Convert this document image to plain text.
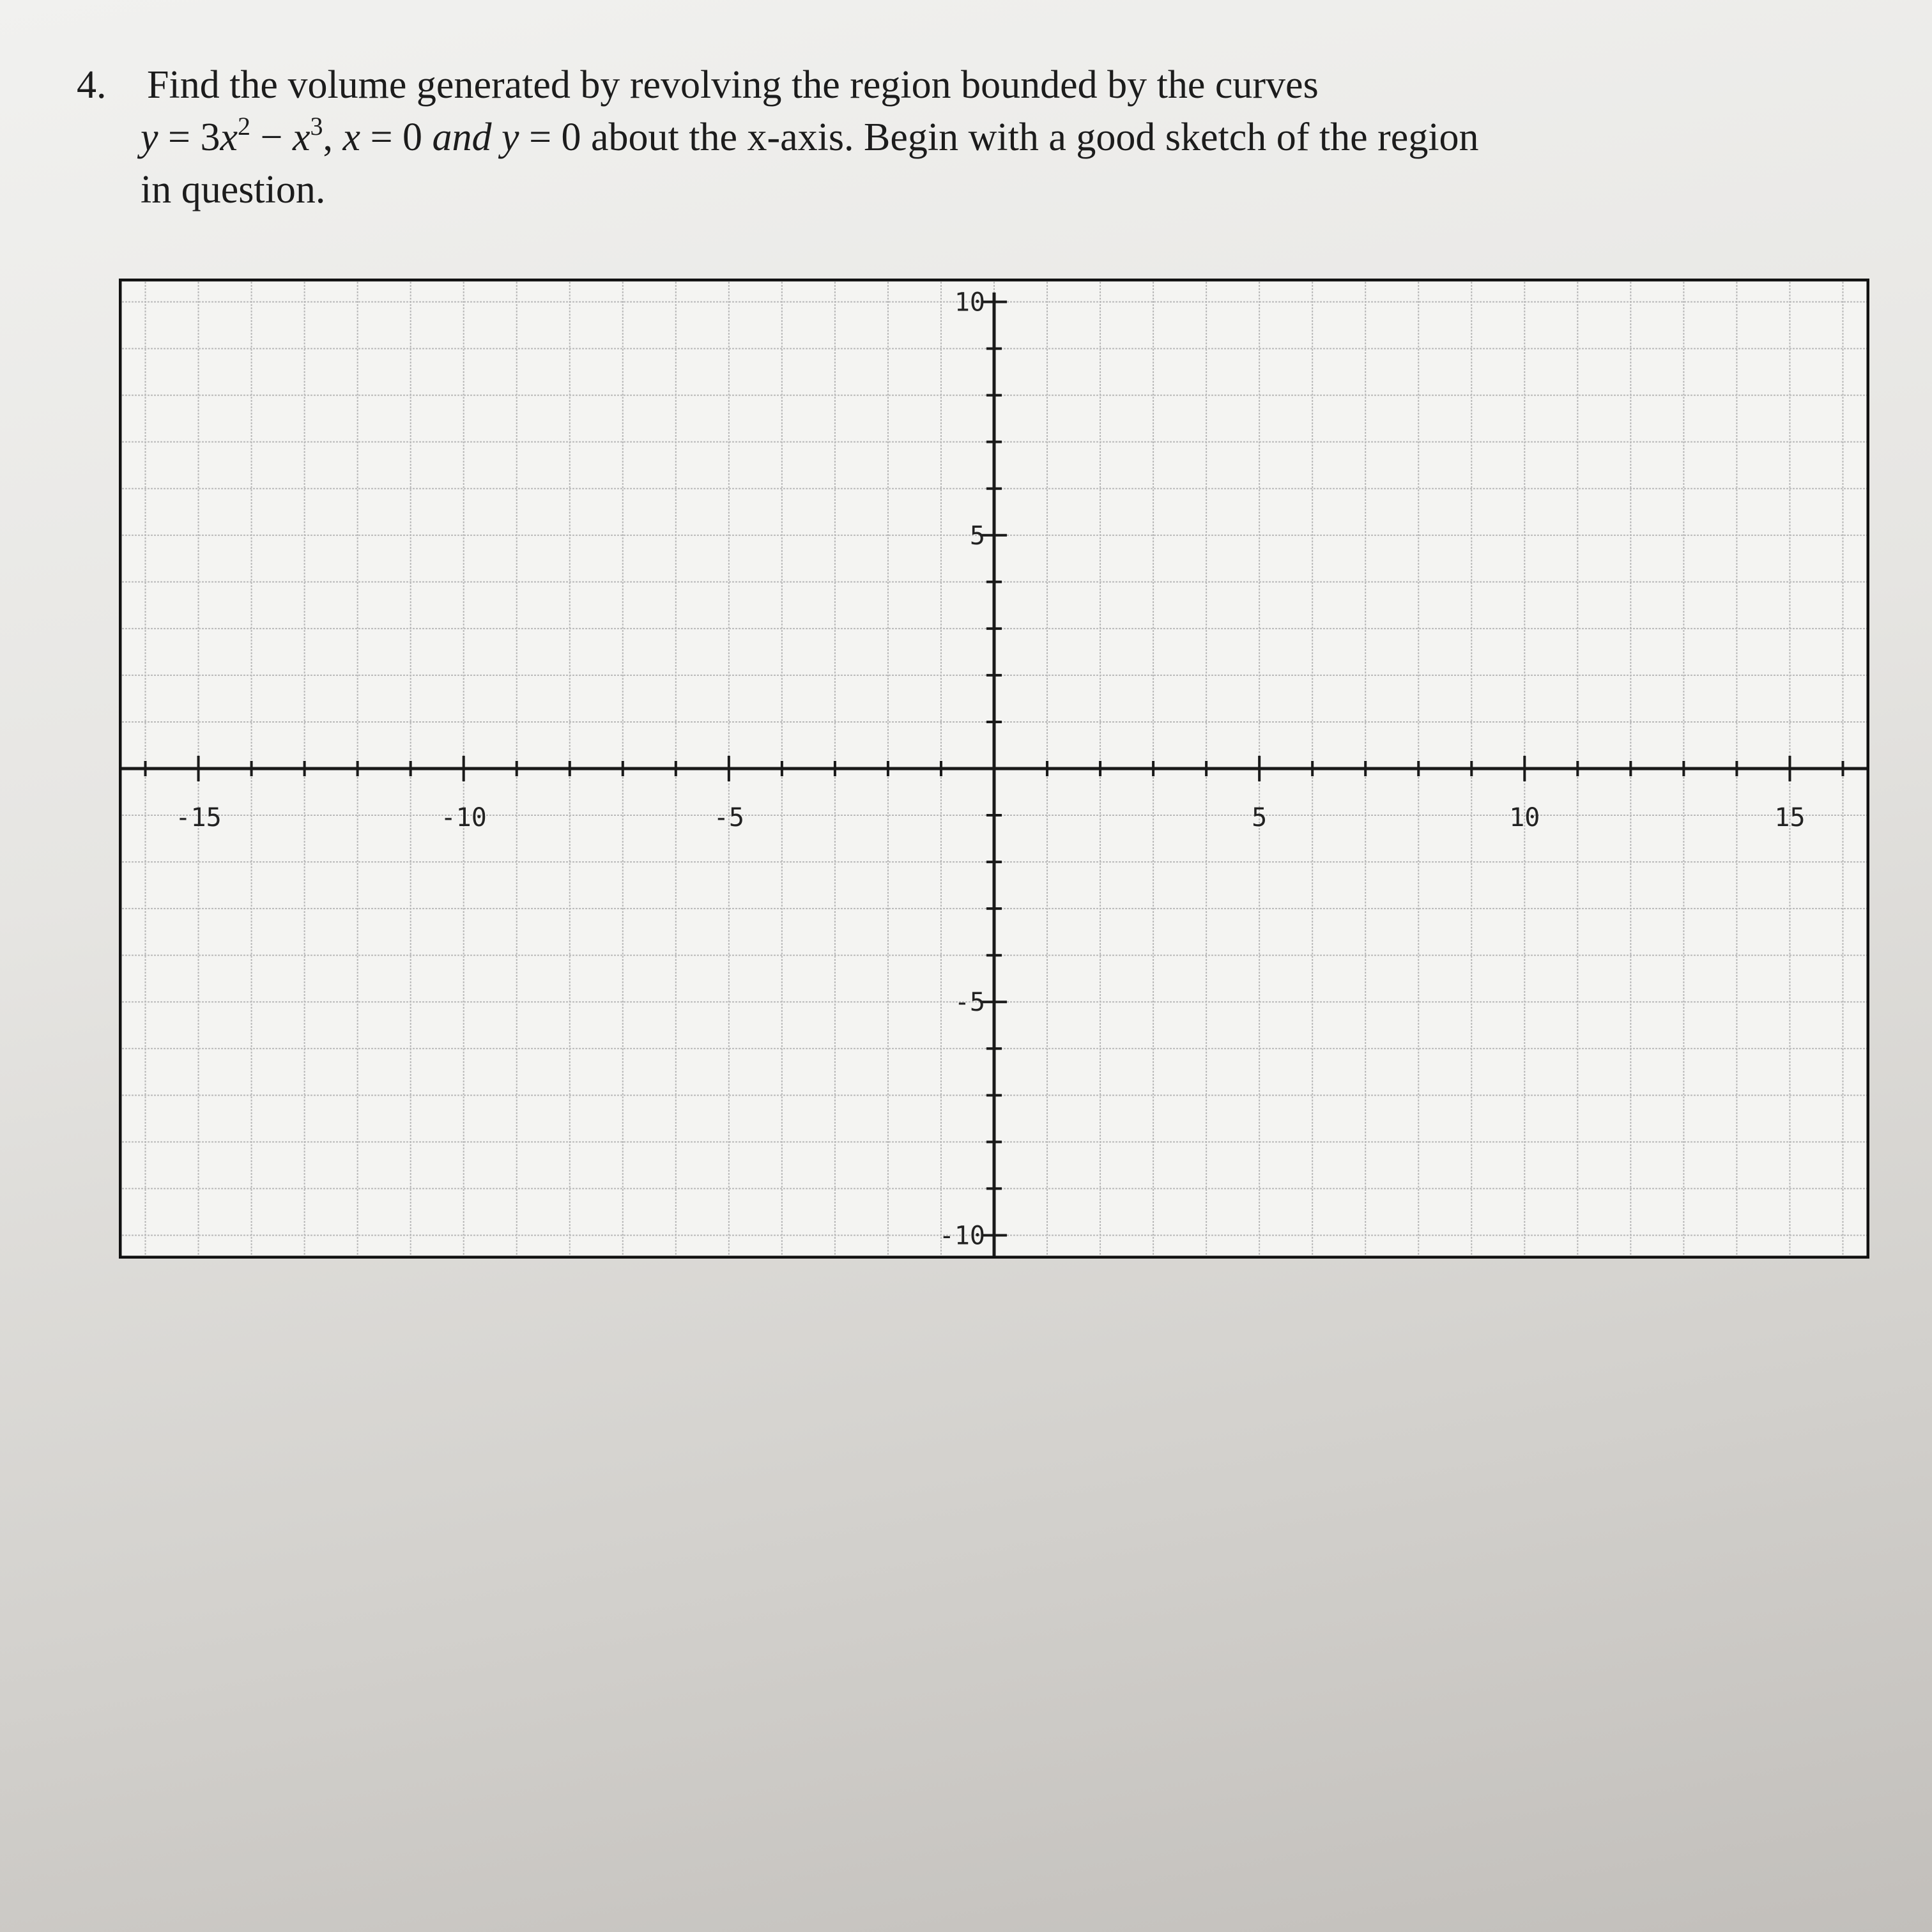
4. Find the volume generated by revolving the region bounded by the curves
$y = 3x^2 - x^3$, x = 0 and y = 0 about the x-axis. Begin with a good sketch of the region
in question.
-15	-10	-5	5	10	15
10
5
-5
-10
